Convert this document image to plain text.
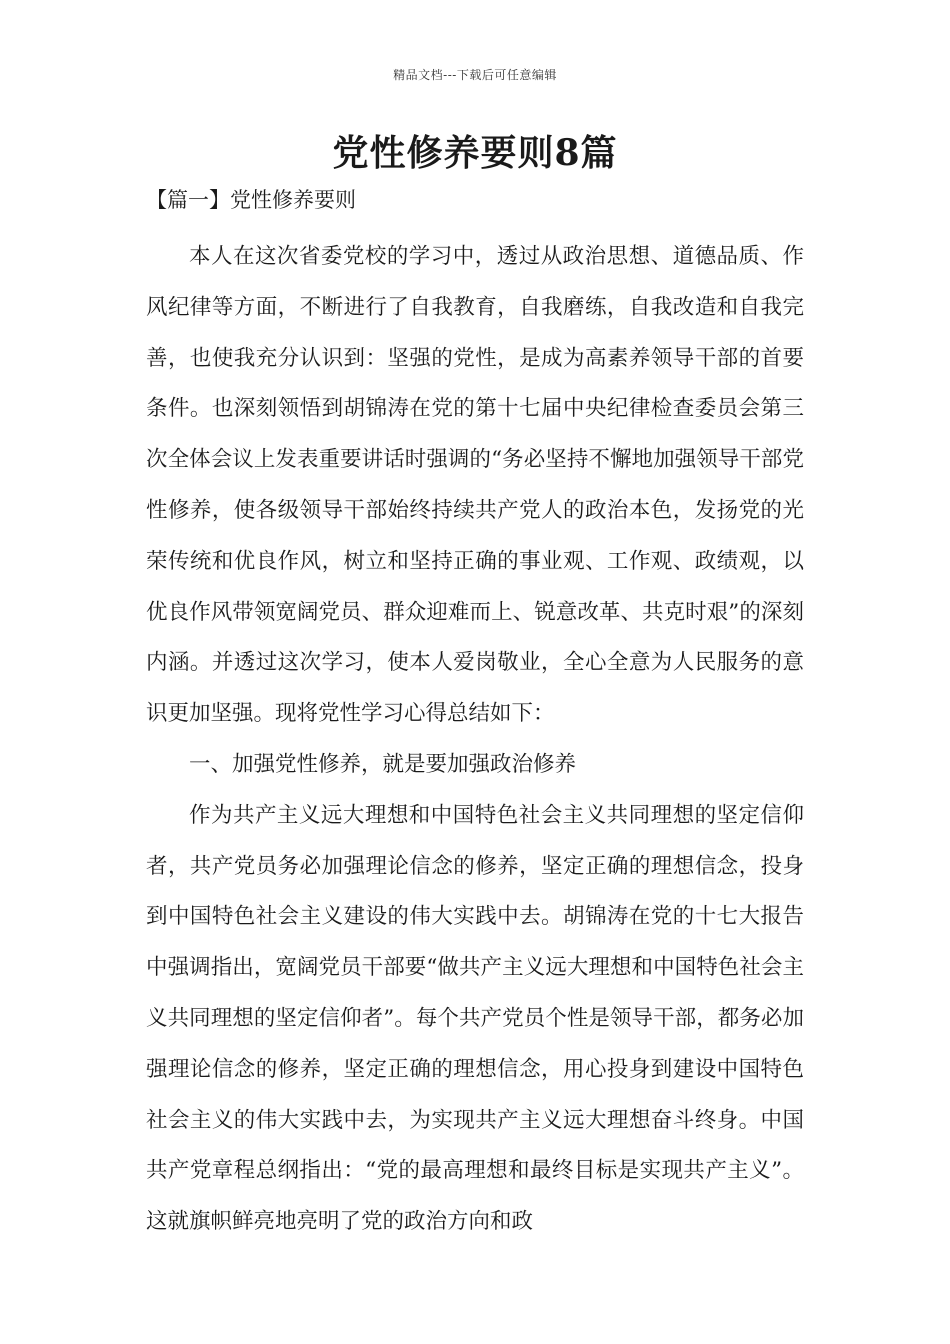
精品文档---下载后可任意编辑
党性修养要则8篇
【篇一】党性修养要则

本人在这次省委党校的学习中，透过从政治思想、道德品质、作风纪律等方面，不断进行了自我教育，自我磨练，自我改造和自我完善，也使我充分认识到：坚强的党性，是成为高素养领导干部的首要条件。也深刻领悟到胡锦涛在党的第十七届中央纪律检查委员会第三次全体会议上发表重要讲话时强调的“务必坚持不懈地加强领导干部党性修养，使各级领导干部始终持续共产党人的政治本色，发扬党的光荣传统和优良作风，树立和坚持正确的事业观、工作观、政绩观，以优良作风带领宽阔党员、群众迎难而上、锐意改革、共克时艰”的深刻内涵。并透过这次学习，使本人爱岗敬业，全心全意为人民服务的意识更加坚强。现将党性学习心得总结如下：

一、加强党性修养，就是要加强政治修养

作为共产主义远大理想和中国特色社会主义共同理想的坚定信仰者，共产党员务必加强理论信念的修养，坚定正确的理想信念，投身到中国特色社会主义建设的伟大实践中去。胡锦涛在党的十七大报告中强调指出，宽阔党员干部要“做共产主义远大理想和中国特色社会主义共同理想的坚定信仰者”。每个共产党员个性是领导干部，都务必加强理论信念的修养，坚定正确的理想信念，用心投身到建设中国特色社会主义的伟大实践中去，为实现共产主义远大理想奋斗终身。中国共产党章程总纲指出：“党的最高理想和最终目标是实现共产主义”。这就旗帜鲜亮地亮明了党的政治方向和政
